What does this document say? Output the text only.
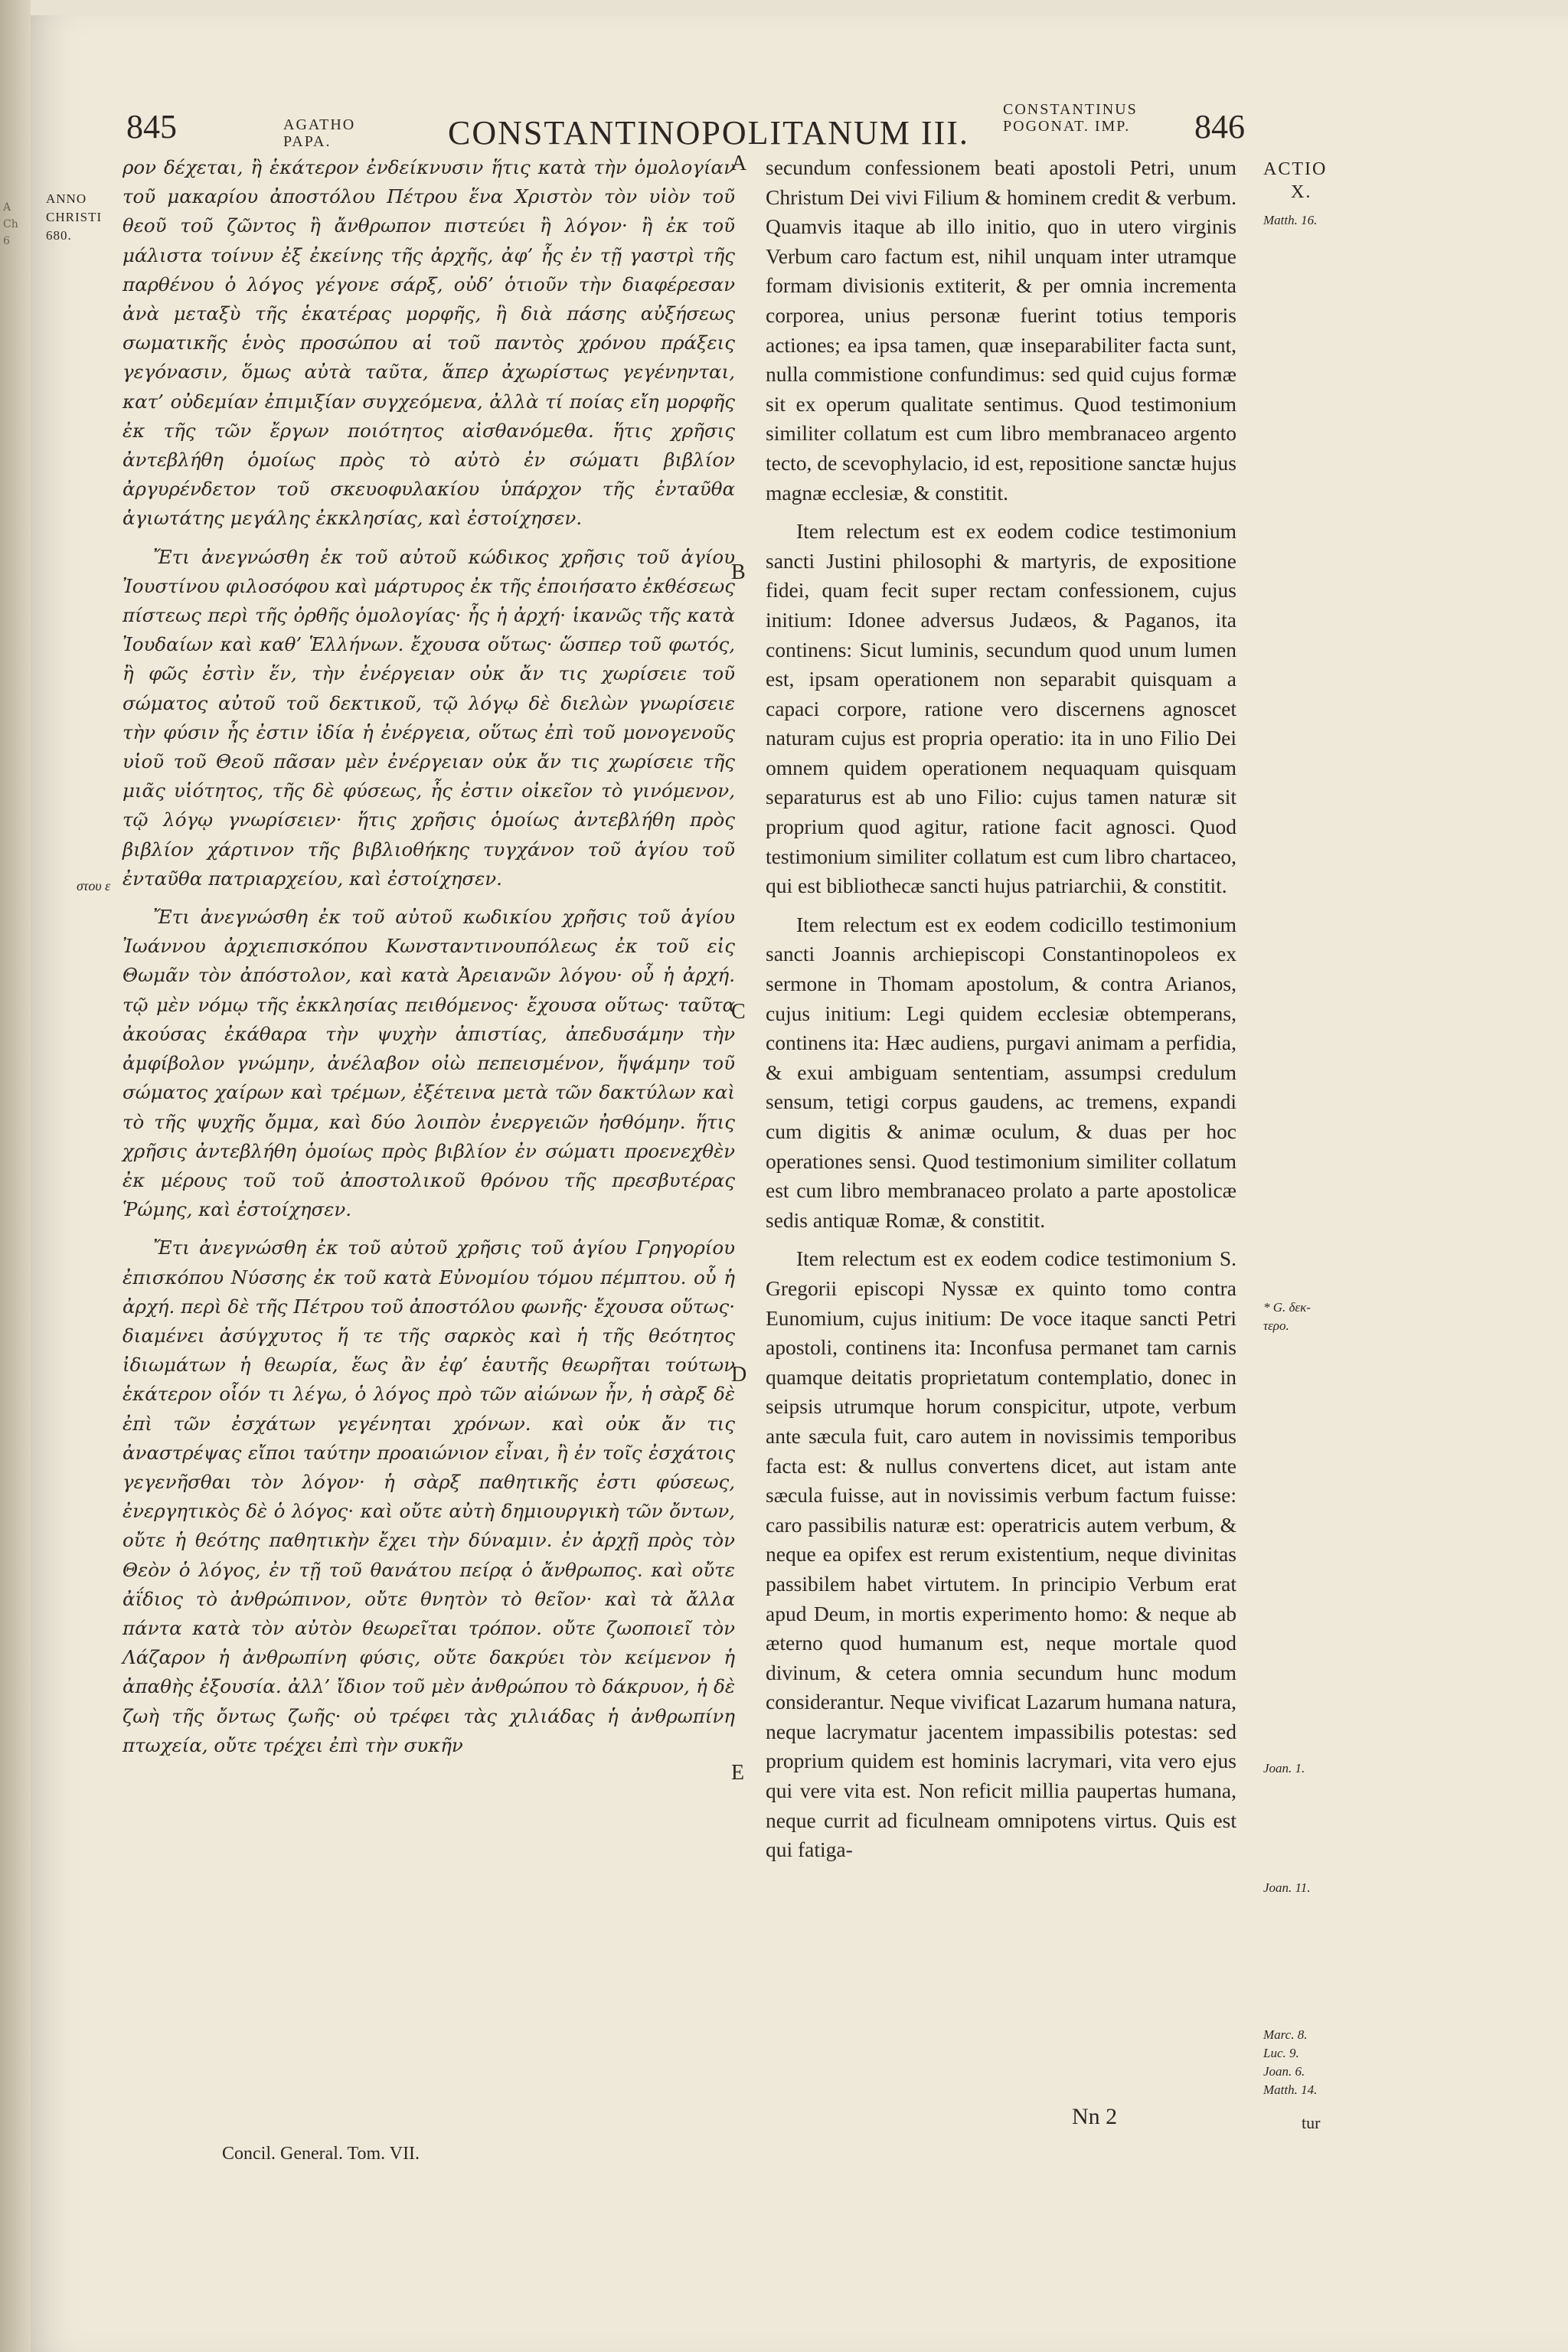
A
Ch
6
845	AGATHO
PAPA.	CONSTANTINOPOLITANUM III.
CONSTANTINUS
POGONAT. IMP. 846
ANNO
CHRISTI
680.
στου ε
ACTIO
X.
Matth. 16.
* G. δεκ-
τερο.
Joan. 1.
Joan. 11.
Marc. 8.
Luc. 9.
Joan. 6.
Matth. 14.
A
B
C
D
E

ρον δέχεται, ἢ ἑκάτερον ἐνδείκνυσιν ἥτις κατὰ τὴν ὁμολογίαν τοῦ μακαρίου ἀποστόλου Πέτρου ἕνα Χριστὸν τὸν υἱὸν τοῦ θεοῦ τοῦ ζῶντος ἢ ἄνθρωπον πιστεύει ἢ λόγον· ἢ ἐκ τοῦ μάλιστα τοίνυν ἐξ ἐκείνης τῆς ἀρχῆς, ἀφ’ ἧς ἐν τῇ γαστρὶ τῆς παρθένου ὁ λόγος γέγονε σάρξ, οὐδ’ ὁτιοῦν τὴν διαφέρεσαν ἀνὰ μεταξὺ τῆς ἑκατέρας μορφῆς, ἢ διὰ πάσης αὐξήσεως σωματικῆς ἑνὸς προσώπου αἱ τοῦ παντὸς χρόνου πράξεις γεγόνασιν, ὅμως αὐτὰ ταῦτα, ἅπερ ἀχωρίστως γεγένηνται, κατ’ οὐδεμίαν ἐπιμιξίαν συγχεόμενα, ἀλλὰ τί ποίας εἴη μορφῆς ἐκ τῆς τῶν ἔργων ποιότητος αἰσθανόμεθα. ἥτις χρῆσις ἀντεβλήθη ὁμοίως πρὸς τὸ αὐτὸ ἐν σώματι βιβλίον ἀργυρένδετον τοῦ σκευοφυλακίου ὑπάρχον τῆς ἐνταῦθα ἁγιωτάτης μεγάλης ἐκκλησίας, καὶ ἐστοίχησεν.

Ἔτι ἀνεγνώσθη ἐκ τοῦ αὐτοῦ κώδικος χρῆσις τοῦ ἁγίου Ἰουστίνου φιλοσόφου καὶ μάρτυρος ἐκ τῆς ἐποιήσατο ἐκθέσεως πίστεως περὶ τῆς ὀρθῆς ὁμολογίας· ἧς ἡ ἀρχή· ἱκανῶς τῆς κατὰ Ἰουδαίων καὶ καθ’ Ἑλλήνων. ἔχουσα οὕτως· ὥσπερ τοῦ φωτός, ἢ φῶς ἐστὶν ἕν, τὴν ἐνέργειαν οὐκ ἄν τις χωρίσειε τοῦ σώματος αὐτοῦ τοῦ δεκτικοῦ, τῷ λόγῳ δὲ διελὼν γνωρίσειε τὴν φύσιν ἧς ἐστιν ἰδία ἡ ἐνέργεια, οὕτως ἐπὶ τοῦ μονογενοῦς υἱοῦ τοῦ Θεοῦ πᾶσαν μὲν ἐνέργειαν οὐκ ἄν τις χωρίσειε τῆς μιᾶς υἱότητος, τῆς δὲ φύσεως, ἧς ἐστιν οἰκεῖον τὸ γινόμενον, τῷ λόγῳ γνωρίσειεν· ἥτις χρῆσις ὁμοίως ἀντεβλήθη πρὸς βιβλίον χάρτινον τῆς βιβλιοθήκης τυγχάνον τοῦ ἁγίου τοῦ ἐνταῦθα πατριαρχείου, καὶ ἐστοίχησεν.

Ἔτι ἀνεγνώσθη ἐκ τοῦ αὐτοῦ κωδικίου χρῆσις τοῦ ἁγίου Ἰωάννου ἀρχιεπισκόπου Κωνσταντινουπόλεως ἐκ τοῦ εἰς Θωμᾶν τὸν ἀπόστολον, καὶ κατὰ Ἀρειανῶν λόγου· οὗ ἡ ἀρχή. τῷ μὲν νόμῳ τῆς ἐκκλησίας πειθόμενος· ἔχουσα οὕτως· ταῦτα ἀκούσας ἐκάθαρα τὴν ψυχὴν ἀπιστίας, ἀπεδυσάμην τὴν ἀμφίβολον γνώμην, ἀνέλαβον οἰὼ πεπεισμένον, ἥψάμην τοῦ σώματος χαίρων καὶ τρέμων, ἐξέτεινα μετὰ τῶν δακτύλων καὶ τὸ τῆς ψυχῆς ὄμμα, καὶ δύο λοιπὸν ἐνεργειῶν ἠσθόμην. ἥτις χρῆσις ἀντεβλήθη ὁμοίως πρὸς βιβλίον ἐν σώματι προενεχθὲν ἐκ μέρους τοῦ τοῦ ἀποστολικοῦ θρόνου τῆς πρεσβυτέρας Ῥώμης, καὶ ἐστοίχησεν.

Ἔτι ἀνεγνώσθη ἐκ τοῦ αὐτοῦ χρῆσις τοῦ ἁγίου Γρηγορίου ἐπισκόπου Νύσσης ἐκ τοῦ κατὰ Εὐνομίου τόμου πέμπτου. οὗ ἡ ἀρχή. περὶ δὲ τῆς Πέτρου τοῦ ἀποστόλου φωνῆς· ἔχουσα οὕτως· διαμένει ἀσύγχυτος ἥ τε τῆς σαρκὸς καὶ ἡ τῆς θεότητος ἰδιωμάτων ἡ θεωρία, ἕως ἂν ἐφ’ ἑαυτῆς θεωρῆται τούτων ἑκάτερον οἷόν τι λέγω, ὁ λόγος πρὸ τῶν αἰώνων ἦν, ἡ σὰρξ δὲ ἐπὶ τῶν ἐσχάτων γεγένηται χρόνων. καὶ οὐκ ἄν τις ἀναστρέψας εἴποι ταύτην προαιώνιον εἶναι, ἢ ἐν τοῖς ἐσχάτοις γεγενῆσθαι τὸν λόγον· ἡ σὰρξ παθητικῆς ἐστι φύσεως, ἐνεργητικὸς δὲ ὁ λόγος· καὶ οὔτε αὐτὴ δημιουργικὴ τῶν ὄντων, οὔτε ἡ θεότης παθητικὴν ἔχει τὴν δύναμιν. ἐν ἀρχῇ πρὸς τὸν Θεὸν ὁ λόγος, ἐν τῇ τοῦ θανάτου πείρᾳ ὁ ἄνθρωπος. καὶ οὔτε ἀΐδιος τὸ ἀνθρώπινον, οὔτε θνητὸν τὸ θεῖον· καὶ τὰ ἄλλα πάντα κατὰ τὸν αὐτὸν θεωρεῖται τρόπον. οὔτε ζωοποιεῖ τὸν Λάζαρον ἡ ἀνθρωπίνη φύσις, οὔτε δακρύει τὸν κείμενον ἡ ἀπαθὴς ἐξουσία. ἀλλ’ ἴδιον τοῦ μὲν ἀνθρώπου τὸ δάκρυον, ἡ δὲ ζωὴ τῆς ὄντως ζωῆς· οὐ τρέφει τὰς χιλιάδας ἡ ἀνθρωπίνη πτωχεία, οὔτε τρέχει ἐπὶ τὴν συκῆν

secundum confessionem beati apostoli Petri, unum Christum Dei vivi Filium & hominem credit & verbum. Quamvis itaque ab illo initio, quo in utero virginis Verbum caro factum est, nihil unquam inter utramque formam divisionis extiterit, & per omnia incrementa corporea, unius personæ fuerint totius temporis actiones; ea ipsa tamen, quæ inseparabiliter facta sunt, nulla commistione confundimus: sed quid cujus formæ sit ex operum qualitate sentimus. Quod testimonium similiter collatum est cum libro membranaceo argento tecto, de scevophylacio, id est, repositione sanctæ hujus magnæ ecclesiæ, & constitit.

Item relectum est ex eodem codice testimonium sancti Justini philosophi & martyris, de expositione fidei, quam fecit super rectam confessionem, cujus initium: Idonee adversus Judæos, & Paganos, ita continens: Sicut luminis, secundum quod unum lumen est, ipsam operationem non separabit quisquam a capaci corpore, ratione vero discernens agnoscet naturam cujus est propria operatio: ita in uno Filio Dei omnem quidem operationem nequaquam quisquam separaturus est ab uno Filio: cujus tamen naturæ sit proprium quod agitur, ratione facit agnosci. Quod testimonium similiter collatum est cum libro chartaceo, qui est bibliothecæ sancti hujus patriarchii, & constitit.

Item relectum est ex eodem codicillo testimonium sancti Joannis archiepiscopi Constantinopoleos ex sermone in Thomam apostolum, & contra Arianos, cujus initium: Legi quidem ecclesiæ obtemperans, continens ita: Hæc audiens, purgavi animam a perfidia, & exui ambiguam sententiam, assumpsi credulum sensum, tetigi corpus gaudens, ac tremens, expandi cum digitis & animæ oculum, & duas per hoc operationes sensi. Quod testimonium similiter collatum est cum libro membranaceo prolato a parte apostolicæ sedis antiquæ Romæ, & constitit.

Item relectum est ex eodem codice testimonium S. Gregorii episcopi Nyssæ ex quinto tomo contra Eunomium, cujus initium: De voce itaque sancti Petri apostoli, continens ita: Inconfusa permanet tam carnis quamque deitatis proprietatum contemplatio, donec in seipsis utrumque horum conspicitur, utpote, verbum ante sæcula fuit, caro autem in novissimis temporibus facta est: & nullus convertens dicet, aut istam ante sæcula fuisse, aut in novissimis verbum factum fuisse: caro passibilis naturæ est: operatricis autem verbum, & neque ea opifex est rerum existentium, neque divinitas passibilem habet virtutem. In principio Verbum erat apud Deum, in mortis experimento homo: & neque ab æterno quod humanum est, neque mortale quod divinum, & cetera omnia secundum hunc modum considerantur. Neque vivificat Lazarum humana natura, neque lacrymatur jacentem impassibilis potestas: sed proprium quidem est hominis lacrymari, vita vero ejus qui vere vita est. Non reficit millia paupertas humana, neque currit ad ficulneam omnipotens virtus. Quis est qui fatiga-

Concil. General. Tom. VII.
Nn 2	tur
